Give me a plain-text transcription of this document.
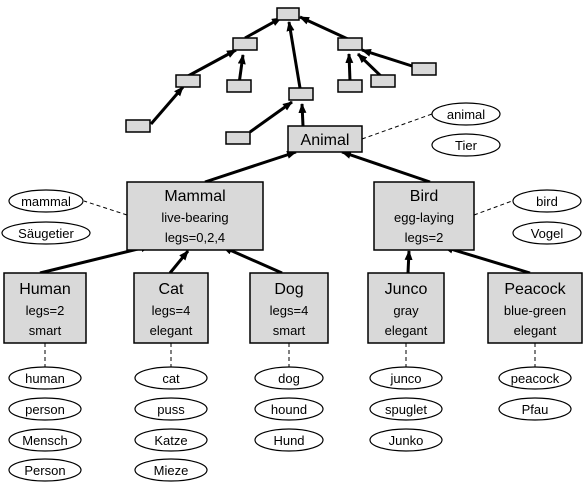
Animal
animal
Tier
Mammal
live-bearing
legs=0,2,4
mammal
Säugetier
Bird
egg-laying
legs=2
bird
Vogel
Human
legs=2
smart
human
person
Mensch
Person
Cat
legs=4
elegant
cat
puss
Katze
Mieze
Dog
legs=4
smart
dog
hound
Hund
Junco
gray
elegant
junco
spuglet
Junko
Peacock
blue-green
elegant
peacock
Pfau
